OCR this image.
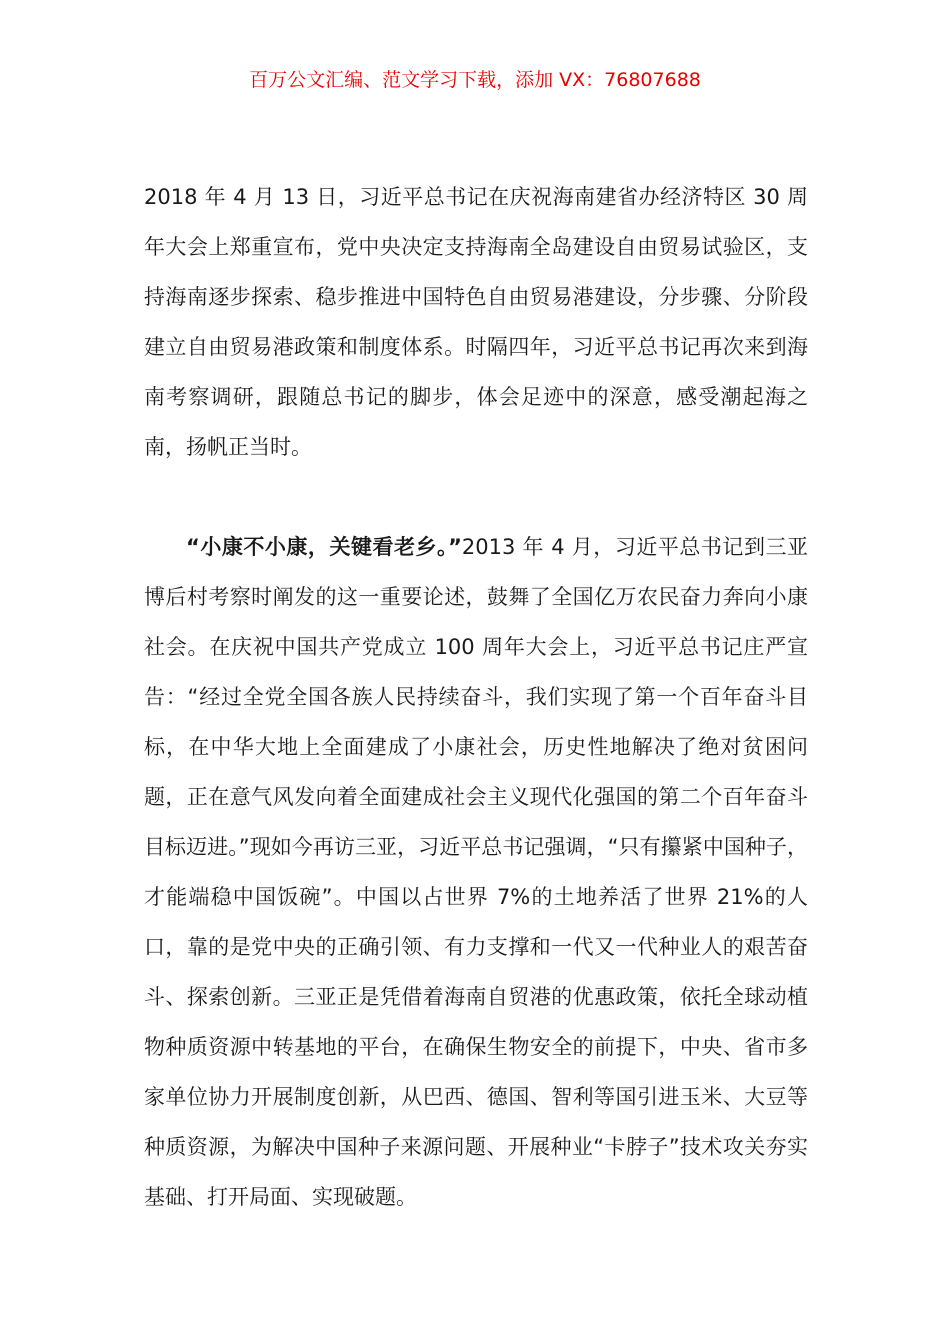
百万公文汇编、范文学习下载，添加 VX：76807688

2018 年 4 月 13 日，习近平总书记在庆祝海南建省办经济特区 30 周年大会上郑重宣布，党中央决定支持海南全岛建设自由贸易试验区，支持海南逐步探索、稳步推进中国特色自由贸易港建设，分步骤、分阶段建立自由贸易港政策和制度体系。时隔四年，习近平总书记再次来到海南考察调研，跟随总书记的脚步，体会足迹中的深意，感受潮起海之南，扬帆正当时。

“小康不小康，关键看老乡。”2013 年 4 月，习近平总书记到三亚博后村考察时阐发的这一重要论述，鼓舞了全国亿万农民奋力奔向小康社会。在庆祝中国共产党成立 100 周年大会上，习近平总书记庄严宣告：“经过全党全国各族人民持续奋斗，我们实现了第一个百年奋斗目标，在中华大地上全面建成了小康社会，历史性地解决了绝对贫困问题，正在意气风发向着全面建成社会主义现代化强国的第二个百年奋斗目标迈进。”现如今再访三亚，习近平总书记强调，“只有攥紧中国种子，才能端稳中国饭碗”。中国以占世界 7%的土地养活了世界 21%的人口，靠的是党中央的正确引领、有力支撑和一代又一代种业人的艰苦奋斗、探索创新。三亚正是凭借着海南自贸港的优惠政策，依托全球动植物种质资源中转基地的平台，在确保生物安全的前提下，中央、省市多家单位协力开展制度创新，从巴西、德国、智利等国引进玉米、大豆等种质资源，为解决中国种子来源问题、开展种业“卡脖子”技术攻关夯实基础、打开局面、实现破题。
